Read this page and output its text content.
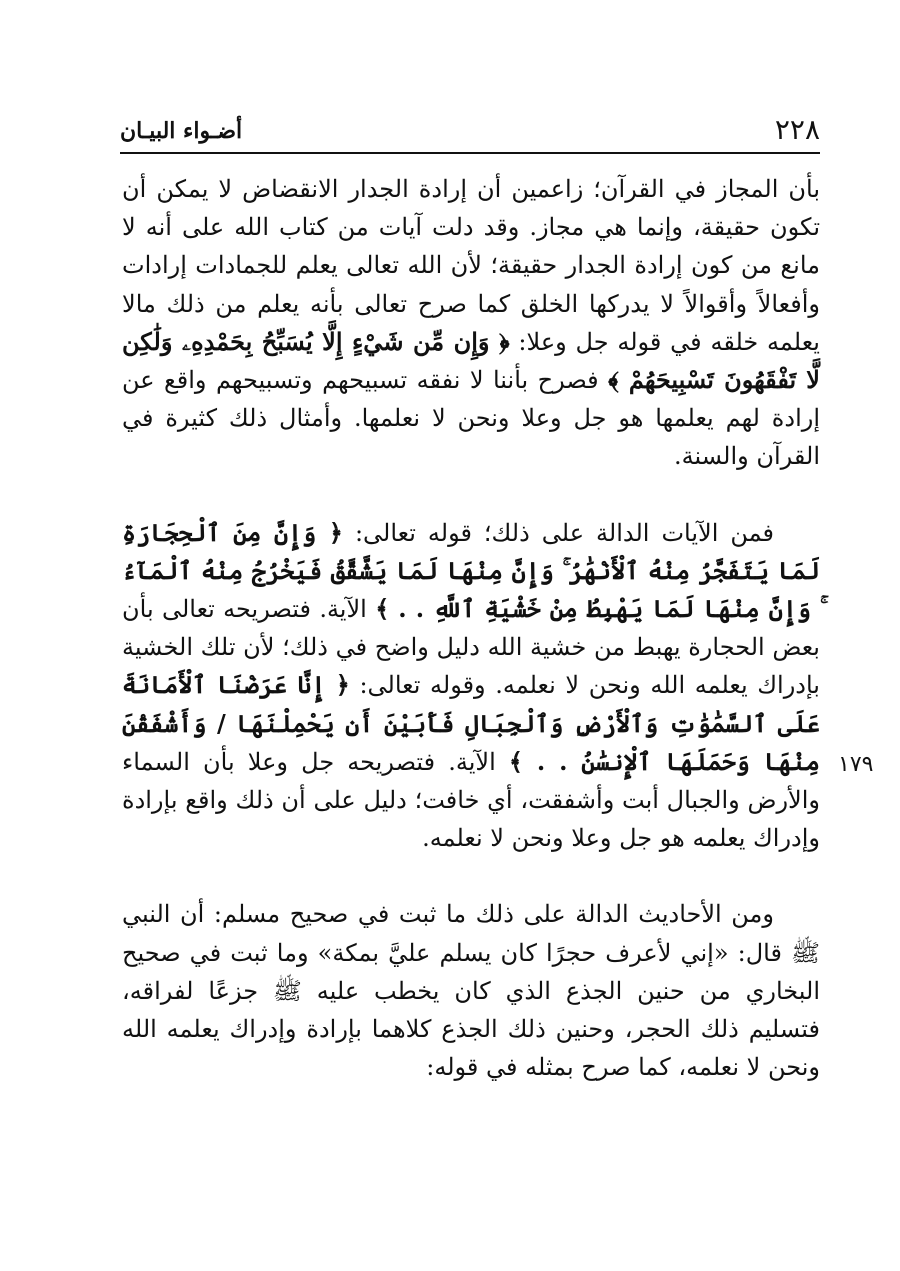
٢٢٨
أضـواء البيـان
١٧٩

بأن المجاز في القرآن؛ زاعمين أن إرادة الجدار الانقضاض لا يمكن أن تكون حقيقة، وإنما هي مجاز. وقد دلت آيات من كتاب الله على أنه لا مانع من كون إرادة الجدار حقيقة؛ لأن الله تعالى يعلم للجمادات إرادات وأفعالاً وأقوالاً لا يدركها الخلق كما صرح تعالى بأنه يعلم من ذلك مالا يعلمه خلقه في قوله جل وعلا: ﴿ وَإِن مِّن شَيْءٍ إِلَّا يُسَبِّحُ بِحَمْدِهِۦ وَلَٰكِن لَّا تَفْقَهُونَ تَسْبِيحَهُمْ ﴾ فصرح بأننا لا نفقه تسبيحهم وتسبيحهم واقع عن إرادة لهم يعلمها هو جل وعلا ونحن لا نعلمها. وأمثال ذلك كثيرة في القرآن والسنة.

فمن الآيات الدالة على ذلك؛ قوله تعالى: ﴿ وَإِنَّ مِنَ ٱلْحِجَارَةِ لَمَا يَتَفَجَّرُ مِنْهُ ٱلْأَنْهَٰرُ ۚ وَإِنَّ مِنْهَا لَمَا يَشَّقَّقُ فَيَخْرُجُ مِنْهُ ٱلْمَآءُ ۚ وَإِنَّ مِنْهَا لَمَا يَهْبِطُ مِنْ خَشْيَةِ ٱللَّهِ . . ﴾ الآية. فتصريحه تعالى بأن بعض الحجارة يهبط من خشية الله دليل واضح في ذلك؛ لأن تلك الخشية بإدراك يعلمه الله ونحن لا نعلمه. وقوله تعالى: ﴿ إِنَّا عَرَضْنَا ٱلْأَمَانَةَ عَلَى ٱلسَّمَٰوَٰتِ وَٱلْأَرْضِ وَٱلْجِبَالِ فَأَبَيْنَ أَن يَحْمِلْنَهَا / وَأَشْفَقْنَ مِنْهَا وَحَمَلَهَا ٱلْإِنسَٰنُ . . ﴾ الآية. فتصريحه جل وعلا بأن السماء والأرض والجبال أبت وأشفقت، أي خافت؛ دليل على أن ذلك واقع بإرادة وإدراك يعلمه هو جل وعلا ونحن لا نعلمه.

ومن الأحاديث الدالة على ذلك ما ثبت في صحيح مسلم: أن النبي ﷺ قال: «إني لأعرف حجرًا كان يسلم عليَّ بمكة» وما ثبت في صحيح البخاري من حنين الجذع الذي كان يخطب عليه ﷺ جزعًا لفراقه، فتسليم ذلك الحجر، وحنين ذلك الجذع كلاهما بإرادة وإدراك يعلمه الله ونحن لا نعلمه، كما صرح بمثله في قوله:
